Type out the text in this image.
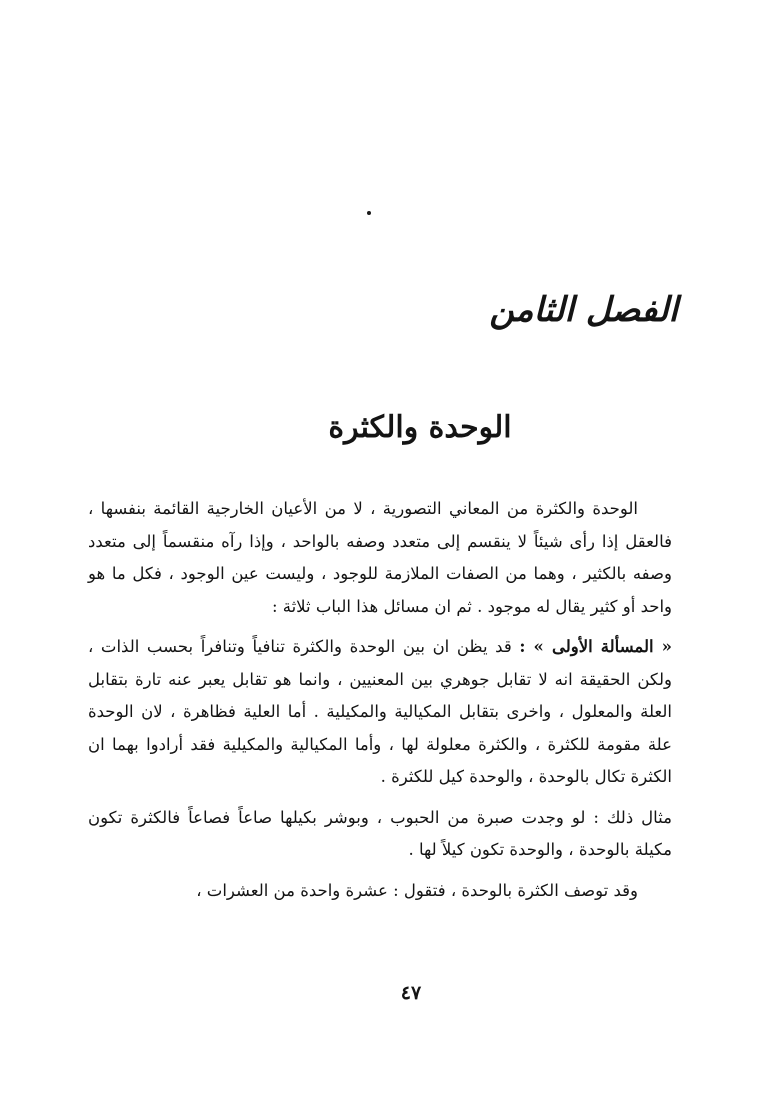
الفصل الثامن
الوحدة والكثرة

الوحدة والكثرة من المعاني التصورية ، لا من الأعيان الخارجية القائمة بنفسها ، فالعقل إذا رأى شيئاً لا ينقسم إلى متعدد وصفه بالواحد ، وإذا رآه منقسماً إلى متعدد وصفه بالكثير ، وهما من الصفات الملازمة للوجود ، وليست عين الوجود ، فكل ما هو واحد أو كثير يقال له موجود . ثم ان مسائل هذا الباب ثلاثة :

« المسألة الأولى » : قد يظن ان بين الوحدة والكثرة تنافياً وتنافراً بحسب الذات ، ولكن الحقيقة انه لا تقابل جوهري بين المعنيين ، وانما هو تقابل يعبر عنه تارة بتقابل العلة والمعلول ، واخرى بتقابل المكيالية والمكيلية . أما العلية فظاهرة ، لان الوحدة علة مقومة للكثرة ، والكثرة معلولة لها ، وأما المكيالية والمكيلية فقد أرادوا بهما ان الكثرة تكال بالوحدة ، والوحدة كيل للكثرة .

مثال ذلك : لو وجدت صبرة من الحبوب ، وبوشر بكيلها صاعاً فصاعاً فالكثرة تكون مكيلة بالوحدة ، والوحدة تكون كيلاً لها .

وقد توصف الكثرة بالوحدة ، فتقول : عشرة واحدة من العشرات ،

٤٧
